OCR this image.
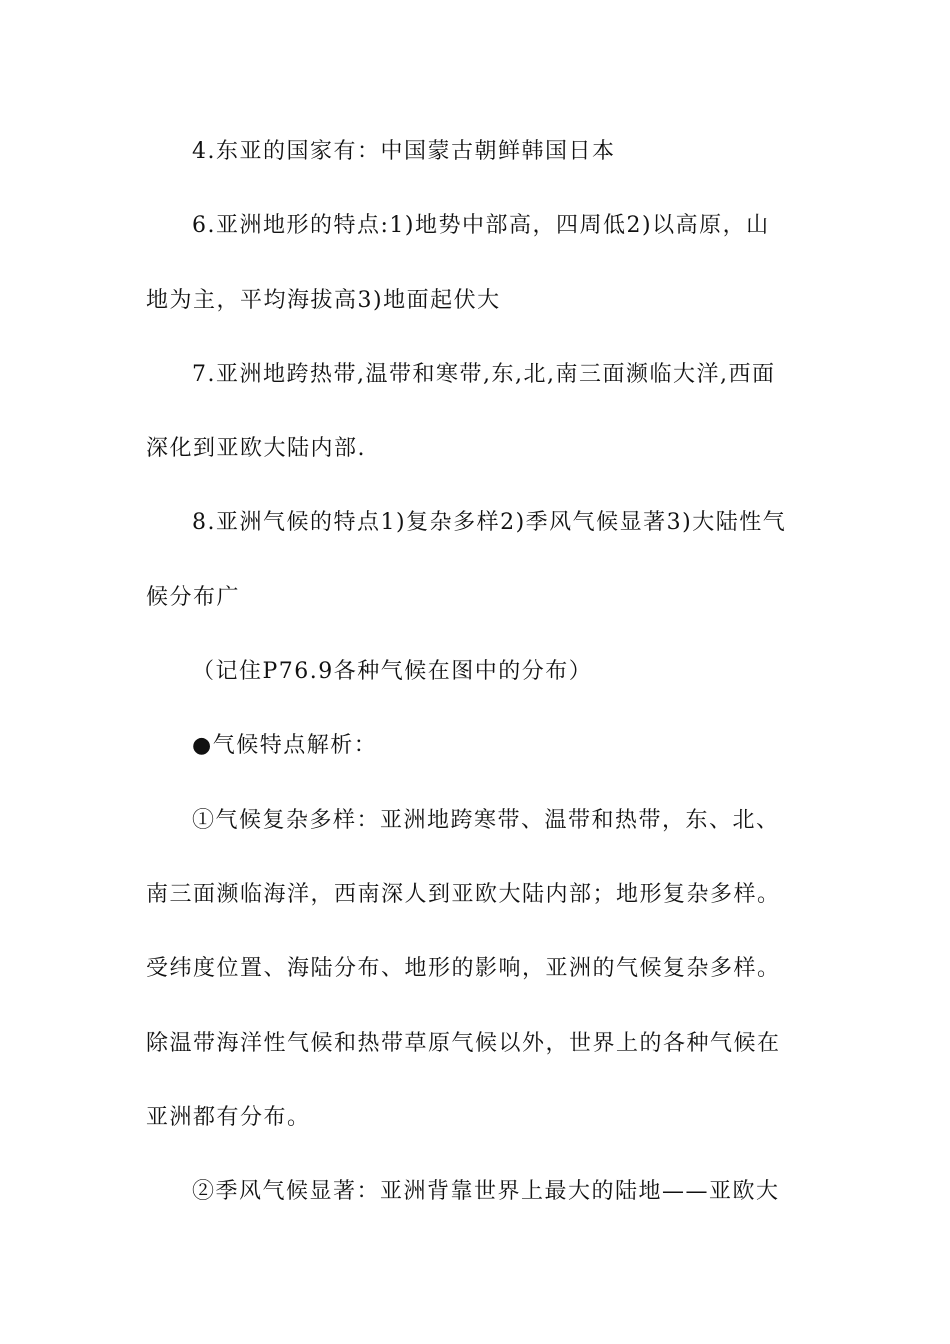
4.东亚的国家有：中国蒙古朝鲜韩国日本
6.亚洲地形的特点:1)地势中部高，四周低2)以高原，山
地为主，平均海拔高3)地面起伏大
7.亚洲地跨热带,温带和寒带,东,北,南三面濒临大洋,西面
深化到亚欧大陆内部.
8.亚洲气候的特点1)复杂多样2)季风气候显著3)大陆性气
候分布广
（记住P76.9各种气候在图中的分布）
●气候特点解析：
①气候复杂多样：亚洲地跨寒带、温带和热带，东、北、
南三面濒临海洋，西南深人到亚欧大陆内部；地形复杂多样。
受纬度位置、海陆分布、地形的影响，亚洲的气候复杂多样。
除温带海洋性气候和热带草原气候以外，世界上的各种气候在
亚洲都有分布。
②季风气候显著：亚洲背靠世界上最大的陆地——亚欧大
